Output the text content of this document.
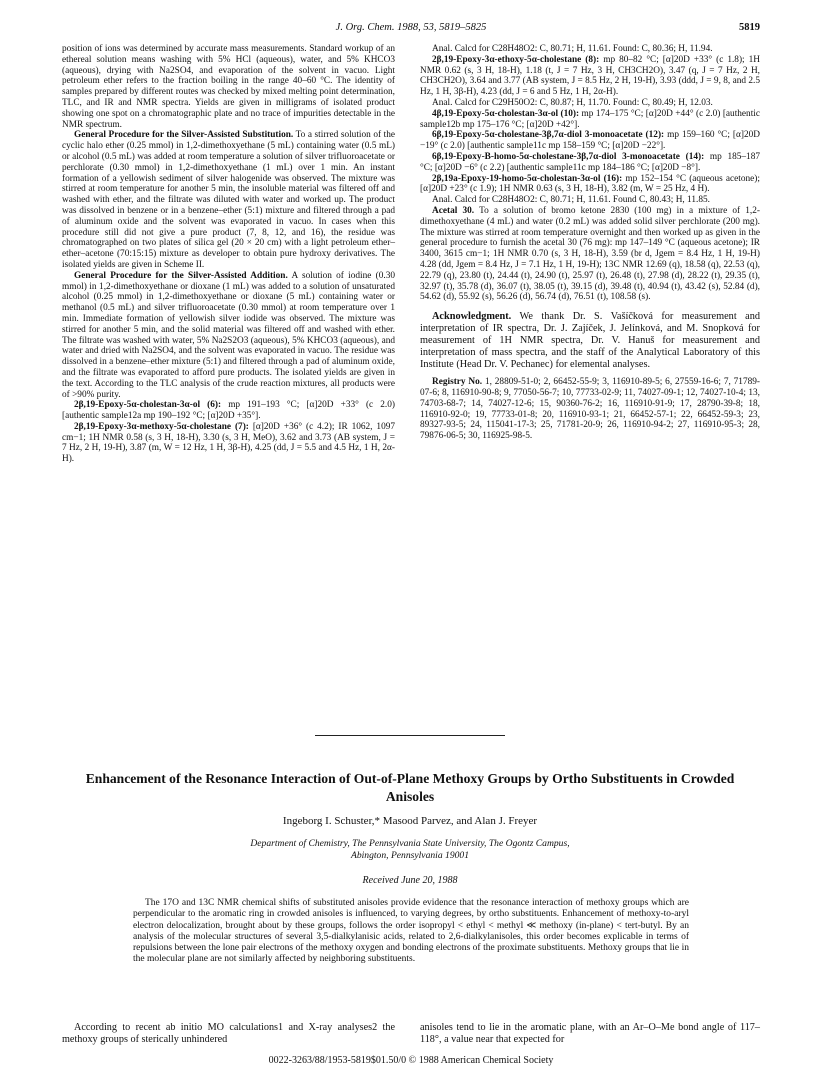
J. Org. Chem. 1988, 53, 5819–5825	5819

position of ions was determined by accurate mass measurements. Standard workup of an ethereal solution means washing with 5% HCl (aqueous), water, and 5% KHCO3 (aqueous), drying with Na2SO4, and evaporation of the solvent in vacuo. Light petroleum ether refers to the fraction boiling in the range 40–60 °C. The identity of samples prepared by different routes was checked by mixed melting point determination, TLC, and IR and NMR spectra. Yields are given in milligrams of isolated product showing one spot on a chromatographic plate and no trace of impurities detectable in the NMR spectrum.

General Procedure for the Silver-Assisted Substitution. To a stirred solution of the cyclic halo ether (0.25 mmol) in 1,2-dimethoxyethane (5 mL) containing water (0.5 mL) or alcohol (0.5 mL) was added at room temperature a solution of silver trifluoroacetate or perchlorate (0.30 mmol) in 1,2-dimethoxyethane (1 mL) over 1 min. An instant formation of a yellowish sediment of silver halogenide was observed. The mixture was stirred at room temperature for another 5 min, the insoluble material was filtered off and washed with ether, and the filtrate was diluted with water and worked up. The product was dissolved in benzene or in a benzene–ether (5:1) mixture and filtered through a pad of aluminum oxide and the solvent was evaporated in vacuo. In cases when this procedure still did not give a pure product (7, 8, 12, and 16), the residue was chromatographed on two plates of silica gel (20 × 20 cm) with a light petroleum ether–ether–acetone (70:15:15) mixture as developer to obtain pure hydroxy derivatives. The isolated yields are given in Scheme II.

General Procedure for the Silver-Assisted Addition. A solution of iodine (0.30 mmol) in 1,2-dimethoxyethane or dioxane (1 mL) was added to a solution of unsaturated alcohol (0.25 mmol) in 1,2-dimethoxyethane or dioxane (5 mL) containing water or methanol (0.5 mL) and silver trifluoroacetate (0.30 mmol) at room temperature over 1 min. Immediate formation of yellowish silver iodide was observed. The mixture was stirred for another 5 min, and the solid material was filtered off and washed with ether. The filtrate was washed with water, 5% Na2S2O3 (aqueous), 5% KHCO3 (aqueous), and water and dried with Na2SO4, and the solvent was evaporated in vacuo. The residue was dissolved in a benzene–ether mixture (5:1) and filtered through a pad of aluminum oxide, and the filtrate was evaporated to afford pure products. The isolated yields are given in the text. According to the TLC analysis of the crude reaction mixtures, all products were of >90% purity.

2β,19-Epoxy-5α-cholestan-3α-ol (6): mp 191–193 °C; [α]20D +33° (c 2.0) [authentic sample12a mp 190–192 °C; [α]20D +35°].

2β,19-Epoxy-3α-methoxy-5α-cholestane (7): [α]20D +36° (c 4.2); IR 1062, 1097 cm−1; 1H NMR 0.58 (s, 3 H, 18-H), 3.30 (s, 3 H, MeO), 3.62 and 3.73 (AB system, J = 7 Hz, 2 H, 19-H), 3.87 (m, W = 12 Hz, 1 H, 3β-H), 4.25 (dd, J = 5.5 and 4.5 Hz, 1 H, 2α-H).

Anal. Calcd for C28H48O2: C, 80.71; H, 11.61. Found: C, 80.36; H, 11.94.

2β,19-Epoxy-3α-ethoxy-5α-cholestane (8): mp 80–82 °C; [α]20D +33° (c 1.8); 1H NMR 0.62 (s, 3 H, 18-H), 1.18 (t, J = 7 Hz, 3 H, CH3CH2O), 3.47 (q, J = 7 Hz, 2 H, CH3CH2O), 3.64 and 3.77 (AB system, J = 8.5 Hz, 2 H, 19-H), 3.93 (ddd, J = 9, 8, and 2.5 Hz, 1 H, 3β-H), 4.23 (dd, J = 6 and 5 Hz, 1 H, 2α-H).

Anal. Calcd for C29H50O2: C, 80.87; H, 11.70. Found: C, 80.49; H, 12.03.

4β,19-Epoxy-5α-cholestan-3α-ol (10): mp 174–175 °C; [α]20D +44° (c 2.0) [authentic sample12b mp 175–176 °C; [α]20D +42°].

6β,19-Epoxy-5α-cholestane-3β,7α-diol 3-monoacetate (12): mp 159–160 °C; [α]20D −19° (c 2.0) [authentic sample11c mp 158–159 °C; [α]20D −22°].

6β,19-Epoxy-B-homo-5α-cholestane-3β,7α-diol 3-monoacetate (14): mp 185–187 °C; [α]20D −6° (c 2.2) [authentic sample11c mp 184–186 °C; [α]20D −8°].

2β,19a-Epoxy-19-homo-5α-cholestan-3α-ol (16): mp 152–154 °C (aqueous acetone); [α]20D +23° (c 1.9); 1H NMR 0.63 (s, 3 H, 18-H), 3.82 (m, W = 25 Hz, 4 H).

Anal. Calcd for C28H48O2: C, 80.71; H, 11.61. Found C, 80.43; H, 11.85.

Acetal 30. To a solution of bromo ketone 2830 (100 mg) in a mixture of 1,2-dimethoxyethane (4 mL) and water (0.2 mL) was added solid silver perchlorate (200 mg). The mixture was stirred at room temperature overnight and then worked up as given in the general procedure to furnish the acetal 30 (76 mg): mp 147–149 °C (aqueous acetone); IR 3400, 3615 cm−1; 1H NMR 0.70 (s, 3 H, 18-H), 3.59 (br d, Jgem = 8.4 Hz, 1 H, 19-H) 4.28 (dd, Jgem = 8.4 Hz, J = 7.1 Hz, 1 H, 19-H); 13C NMR 12.69 (q), 18.58 (q), 22.53 (q), 22.79 (q), 23.80 (t), 24.44 (t), 24.90 (t), 25.97 (t), 26.48 (t), 27.98 (d), 28.22 (t), 29.35 (t), 32.97 (t), 35.78 (d), 36.07 (t), 38.05 (t), 39.15 (d), 39.48 (t), 40.94 (t), 43.42 (s), 52.84 (d), 54.62 (d), 55.92 (s), 56.26 (d), 56.74 (d), 76.51 (t), 108.58 (s).

Acknowledgment. We thank Dr. S. Vašíčková for measurement and interpretation of IR spectra, Dr. J. Zajíček, J. Jelínková, and M. Snopková for measurement of 1H NMR spectra, Dr. V. Hanuš for measurement and interpretation of mass spectra, and the staff of the Analytical Laboratory of this Institute (Head Dr. V. Pechanec) for elemental analyses.

Registry No. 1, 28809-51-0; 2, 66452-55-9; 3, 116910-89-5; 6, 27559-16-6; 7, 71789-07-6; 8, 116910-90-8; 9, 77050-56-7; 10, 77733-02-9; 11, 74027-09-1; 12, 74027-10-4; 13, 74703-68-7; 14, 74027-12-6; 15, 90360-76-2; 16, 116910-91-9; 17, 28790-39-8; 18, 116910-92-0; 19, 77733-01-8; 20, 116910-93-1; 21, 66452-57-1; 22, 66452-59-3; 23, 89327-93-5; 24, 115041-17-3; 25, 71781-20-9; 26, 116910-94-2; 27, 116910-95-3; 28, 79876-06-5; 30, 116925-98-5.

Enhancement of the Resonance Interaction of Out-of-Plane Methoxy Groups by Ortho Substituents in Crowded Anisoles
Ingeborg I. Schuster,* Masood Parvez, and Alan J. Freyer
Department of Chemistry, The Pennsylvania State University, The Ogontz Campus,
Abington, Pennsylvania 19001
Received June 20, 1988

The 17O and 13C NMR chemical shifts of substituted anisoles provide evidence that the resonance interaction of methoxy groups which are perpendicular to the aromatic ring in crowded anisoles is influenced, to varying degrees, by ortho substituents. Enhancement of methoxy-to-aryl electron delocalization, brought about by these groups, follows the order isopropyl < ethyl < methyl ≪ methoxy (in-plane) < tert-butyl. By an analysis of the molecular structures of several 3,5-dialkylanisic acids, related to 2,6-dialkylanisoles, this order becomes explicable in terms of repulsions between the lone pair electrons of the methoxy oxygen and bonding electrons of the proximate substituents. Methoxy groups that lie in the molecular plane are not similarly affected by neighboring substituents.

According to recent ab initio MO calculations1 and X-ray analyses2 the methoxy groups of sterically unhindered

anisoles tend to lie in the aromatic plane, with an Ar–O–Me bond angle of 117–118°, a value near that expected for

0022-3263/88/1953-5819$01.50/0 © 1988 American Chemical Society
